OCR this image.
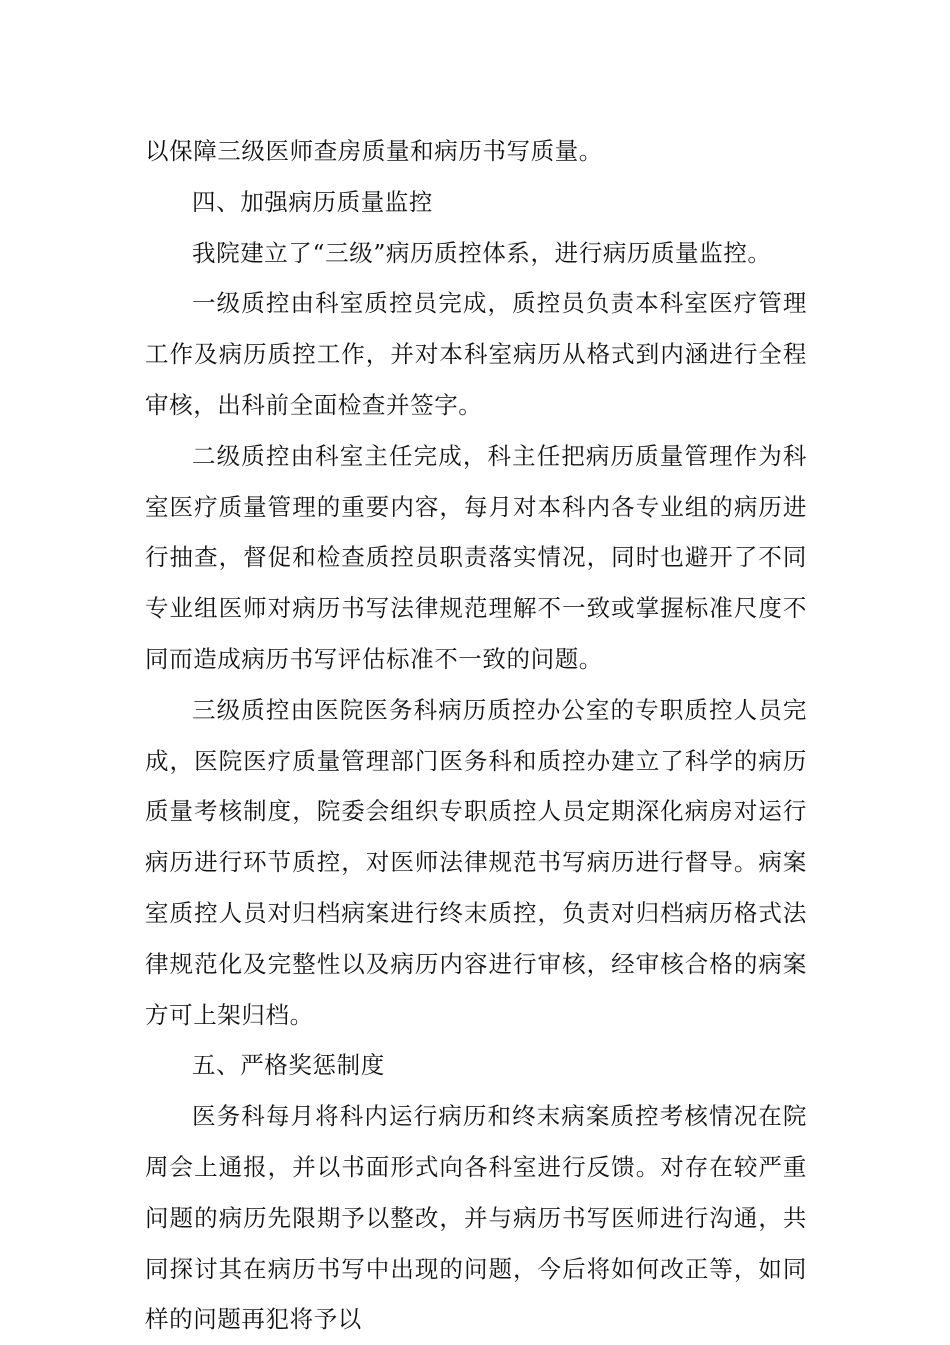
以保障三级医师查房质量和病历书写质量。

四、加强病历质量监控

我院建立了“三级”病历质控体系，进行病历质量监控。

一级质控由科室质控员完成，质控员负责本科室医疗管理工作及病历质控工作，并对本科室病历从格式到内涵进行全程审核，出科前全面检查并签字。

二级质控由科室主任完成，科主任把病历质量管理作为科室医疗质量管理的重要内容，每月对本科内各专业组的病历进行抽查，督促和检查质控员职责落实情况，同时也避开了不同专业组医师对病历书写法律规范理解不一致或掌握标准尺度不同而造成病历书写评估标准不一致的问题。

三级质控由医院医务科病历质控办公室的专职质控人员完成，医院医疗质量管理部门医务科和质控办建立了科学的病历质量考核制度，院委会组织专职质控人员定期深化病房对运行病历进行环节质控，对医师法律规范书写病历进行督导。病案室质控人员对归档病案进行终末质控，负责对归档病历格式法律规范化及完整性以及病历内容进行审核，经审核合格的病案方可上架归档。

五、严格奖惩制度

医务科每月将科内运行病历和终末病案质控考核情况在院周会上通报，并以书面形式向各科室进行反馈。对存在较严重问题的病历先限期予以整改，并与病历书写医师进行沟通，共同探讨其在病历书写中出现的问题，今后将如何改正等，如同样的问题再犯将予以
